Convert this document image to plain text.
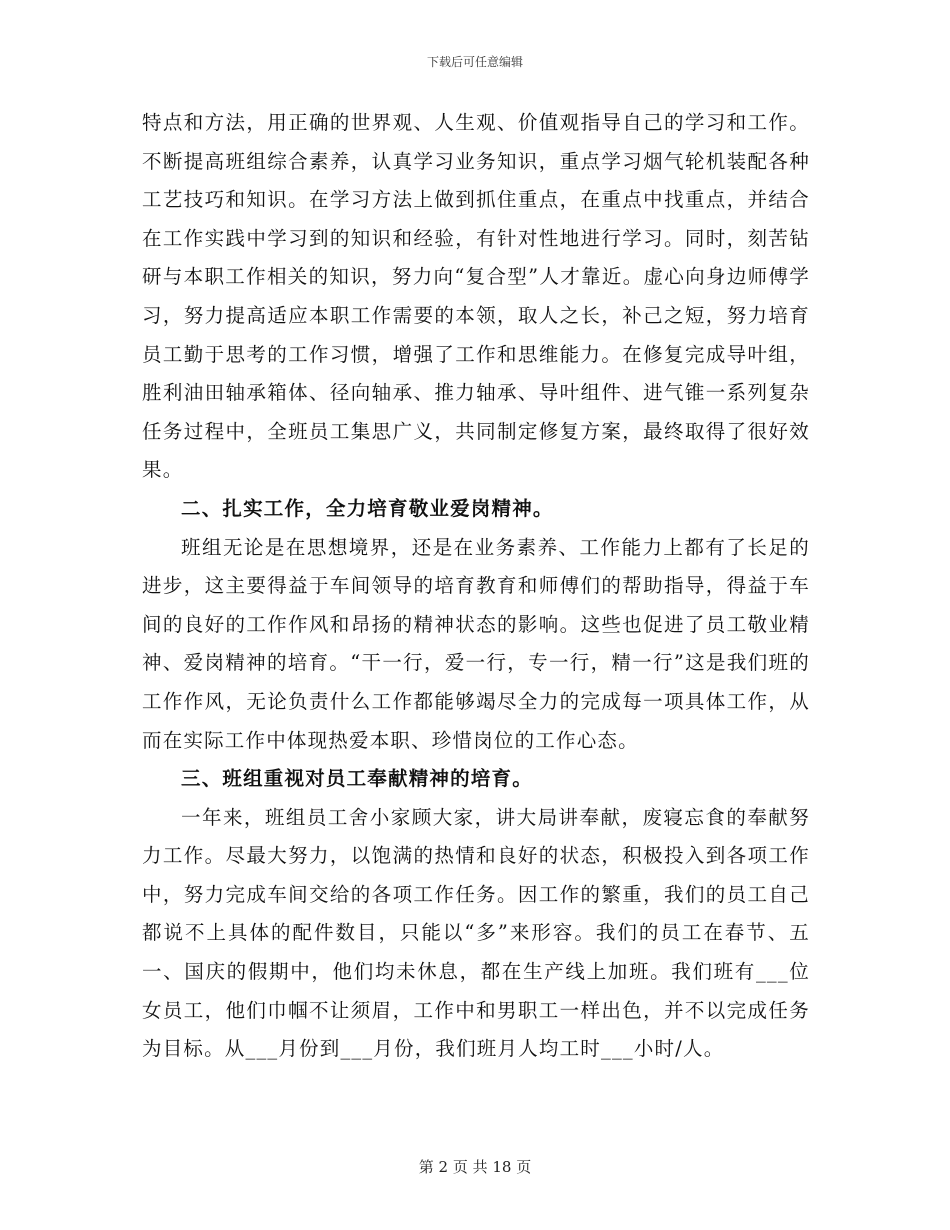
下载后可任意编辑

特点和方法，用正确的世界观、人生观、价值观指导自己的学习和工作。不断提高班组综合素养，认真学习业务知识，重点学习烟气轮机装配各种工艺技巧和知识。在学习方法上做到抓住重点，在重点中找重点，并结合在工作实践中学习到的知识和经验，有针对性地进行学习。同时，刻苦钻研与本职工作相关的知识，努力向“复合型”人才靠近。虚心向身边师傅学习，努力提高适应本职工作需要的本领，取人之长，补己之短，努力培育员工勤于思考的工作习惯，增强了工作和思维能力。在修复完成导叶组，胜利油田轴承箱体、径向轴承、推力轴承、导叶组件、进气锥一系列复杂任务过程中，全班员工集思广义，共同制定修复方案，最终取得了很好效果。

二、扎实工作，全力培育敬业爱岗精神。

班组无论是在思想境界，还是在业务素养、工作能力上都有了长足的进步，这主要得益于车间领导的培育教育和师傅们的帮助指导，得益于车间的良好的工作作风和昂扬的精神状态的影响。这些也促进了员工敬业精神、爱岗精神的培育。“干一行，爱一行，专一行，精一行”这是我们班的工作作风，无论负责什么工作都能够竭尽全力的完成每一项具体工作，从而在实际工作中体现热爱本职、珍惜岗位的工作心态。

三、班组重视对员工奉献精神的培育。

一年来，班组员工舍小家顾大家，讲大局讲奉献，废寝忘食的奉献努力工作。尽最大努力，以饱满的热情和良好的状态，积极投入到各项工作中，努力完成车间交给的各项工作任务。因工作的繁重，我们的员工自己都说不上具体的配件数目，只能以“多”来形容。我们的员工在春节、五一、国庆的假期中，他们均未休息，都在生产线上加班。我们班有___位女员工，他们巾帼不让须眉，工作中和男职工一样出色，并不以完成任务为目标。从___月份到___月份，我们班月人均工时___小时/人。

第 2 页 共 18 页
